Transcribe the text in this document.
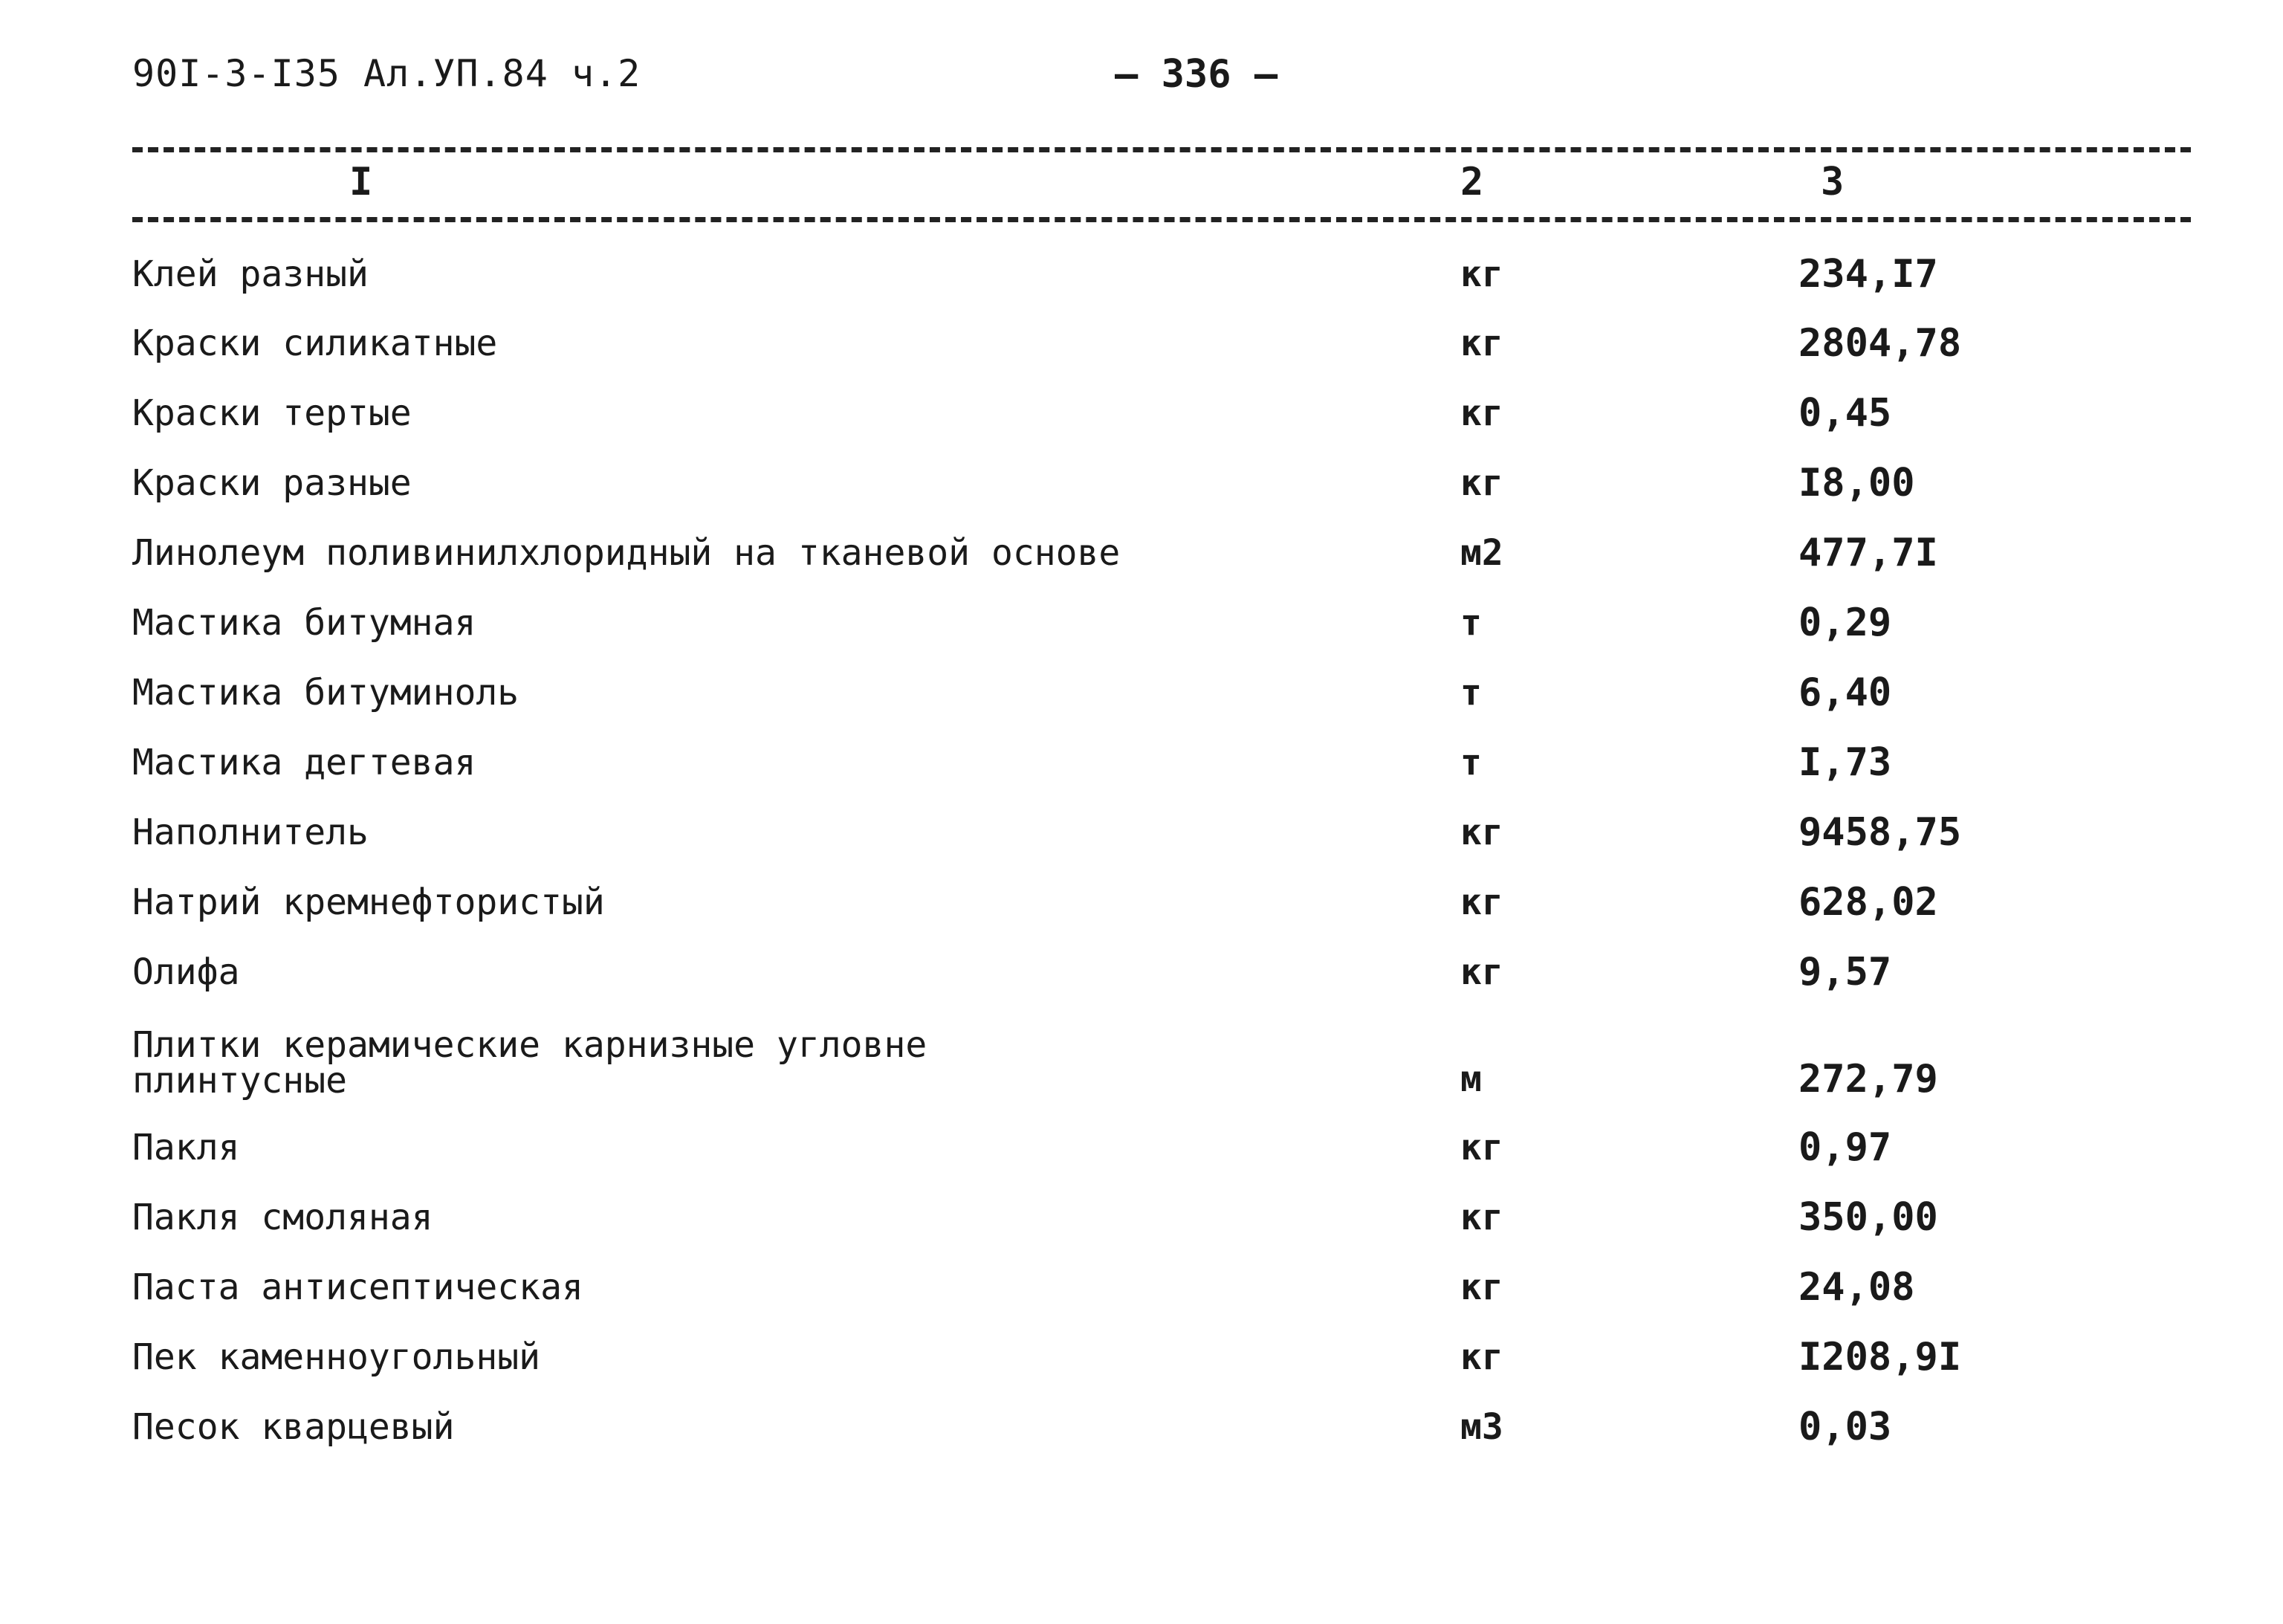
90I-3-I35 Ал.УП.84 ч.2	– 336 –
I	2	3
Клей разный	кг	234,I7
Краски силикатные	кг	2804,78
Краски тертые	кг	0,45
Краски разные	кг	I8,00
Линолеум поливинилхлоридный на тканевой основе	м2	477,7I
Мастика битумная	т	0,29
Мастика битуминоль	т	6,40
Мастика дегтевая	т	I,73
Наполнитель	кг	9458,75
Натрий кремнефтористый	кг	628,02
Олифа	кг	9,57
Плитки керамические карнизные угловне
плинтусные	м	272,79
Пакля	кг	0,97
Пакля смоляная	кг	350,00
Паста антисептическая	кг	24,08
Пек каменноугольный	кг	I208,9I
Песок кварцевый	м3	0,03
